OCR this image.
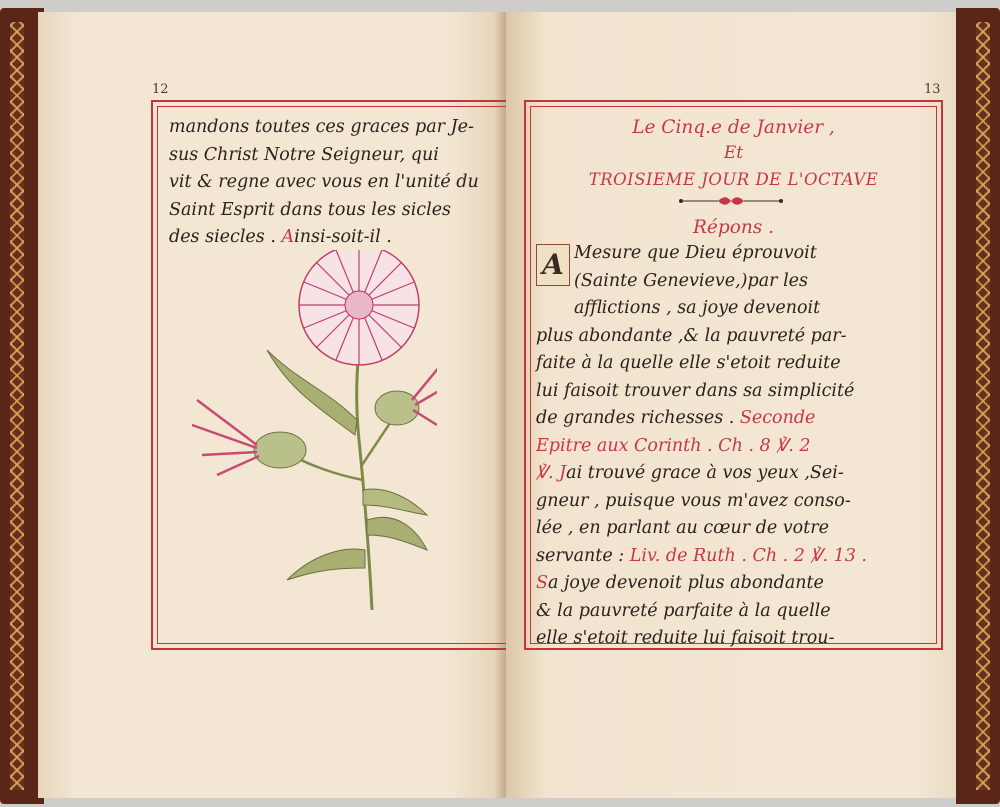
12

mandons toutes ces graces par Je-

sus Christ Notre Seigneur, qui

vit & regne avec vous en l'unité du

Saint Esprit dans tous les sicles

des siecles . Ainsi-soit-il .

13
Le Cinq.e de Janvier ,
Et
TROISIEME JOUR DE L'OCTAVE
Répons .
A Mesure que Dieu éprouvoit
(Sainte Genevieve,)par les
afflictions , sa joye devenoit
plus abondante ,& la pauvreté par-
faite à la quelle elle s'etoit reduite
lui faisoit trouver dans sa simplicité
de grandes richesses . Seconde
Epitre aux Corinth . Ch . 8 ℣. 2
℣. Jai trouvé grace à vos yeux ,Sei-
gneur , puisque vous m'avez conso-
lée , en parlant au cœur de votre
servante : Liv. de Ruth . Ch . 2 ℣. 13 .
Sa joye devenoit plus abondante
& la pauvreté parfaite à la quelle
elle s'etoit reduite lui faisoit trou-
